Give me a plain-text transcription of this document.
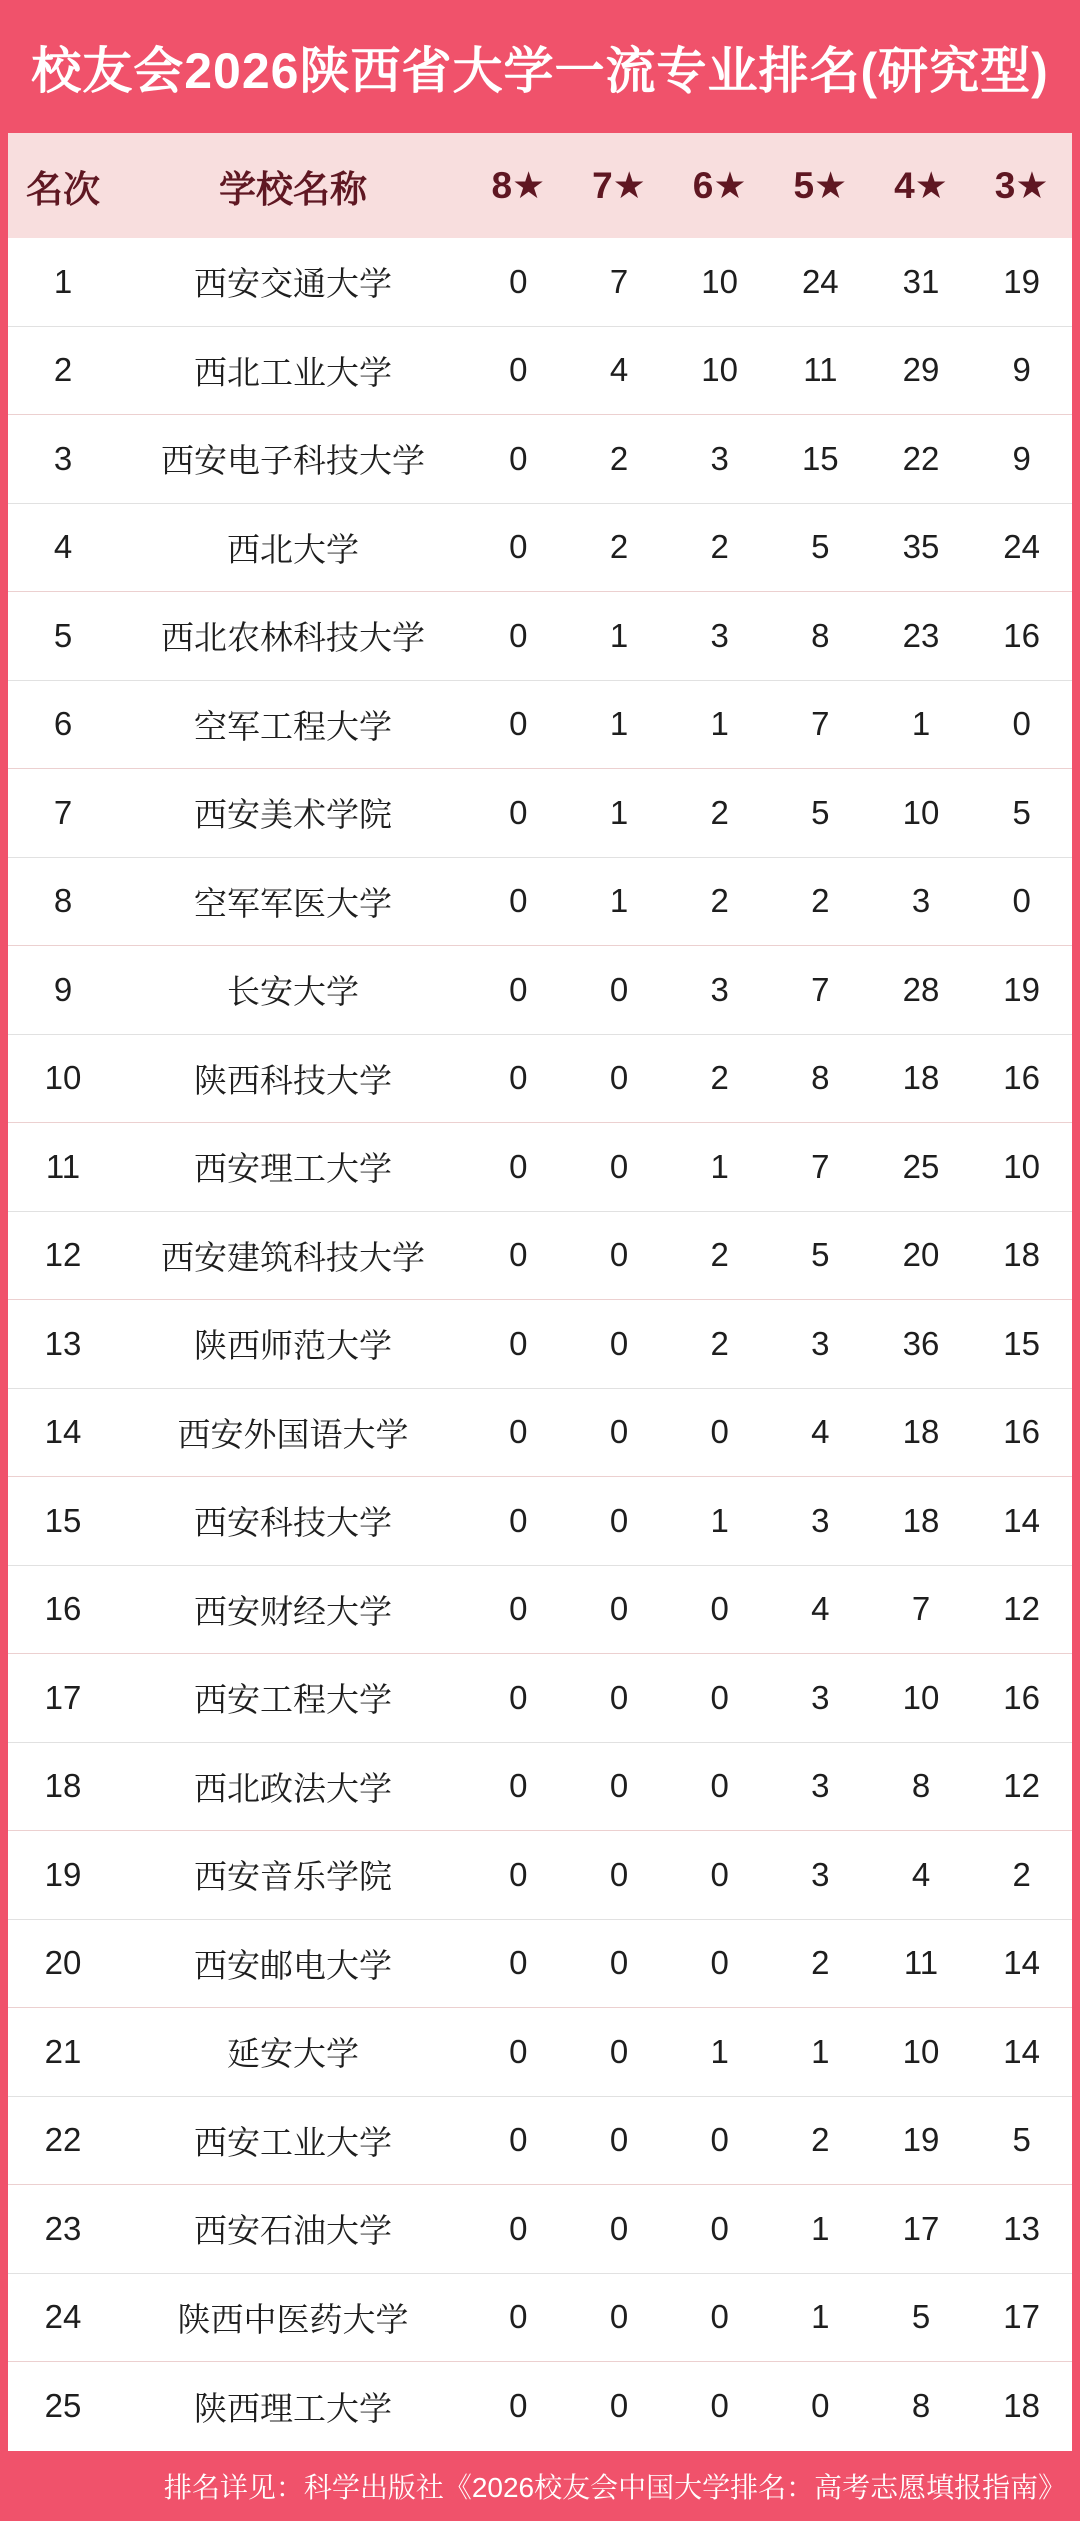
校友会2026陕西省大学一流专业排名(研究型)
名次	学校名称	8★	7★	6★	5★	4★	3★
1	西安交通大学	0	7	10	24	31	19
2	西北工业大学	0	4	10	11	29	9
3	西安电子科技大学	0	2	3	15	22	9
4	西北大学	0	2	2	5	35	24
5	西北农林科技大学	0	1	3	8	23	16
6	空军工程大学	0	1	1	7	1	0
7	西安美术学院	0	1	2	5	10	5
8	空军军医大学	0	1	2	2	3	0
9	长安大学	0	0	3	7	28	19
10	陕西科技大学	0	0	2	8	18	16
11	西安理工大学	0	0	1	7	25	10
12	西安建筑科技大学	0	0	2	5	20	18
13	陕西师范大学	0	0	2	3	36	15
14	西安外国语大学	0	0	0	4	18	16
15	西安科技大学	0	0	1	3	18	14
16	西安财经大学	0	0	0	4	7	12
17	西安工程大学	0	0	0	3	10	16
18	西北政法大学	0	0	0	3	8	12
19	西安音乐学院	0	0	0	3	4	2
20	西安邮电大学	0	0	0	2	11	14
21	延安大学	0	0	1	1	10	14
22	西安工业大学	0	0	0	2	19	5
23	西安石油大学	0	0	0	1	17	13
24	陕西中医药大学	0	0	0	1	5	17
25	陕西理工大学	0	0	0	0	8	18
排名详见：科学出版社《2026校友会中国大学排名：高考志愿填报指南》
